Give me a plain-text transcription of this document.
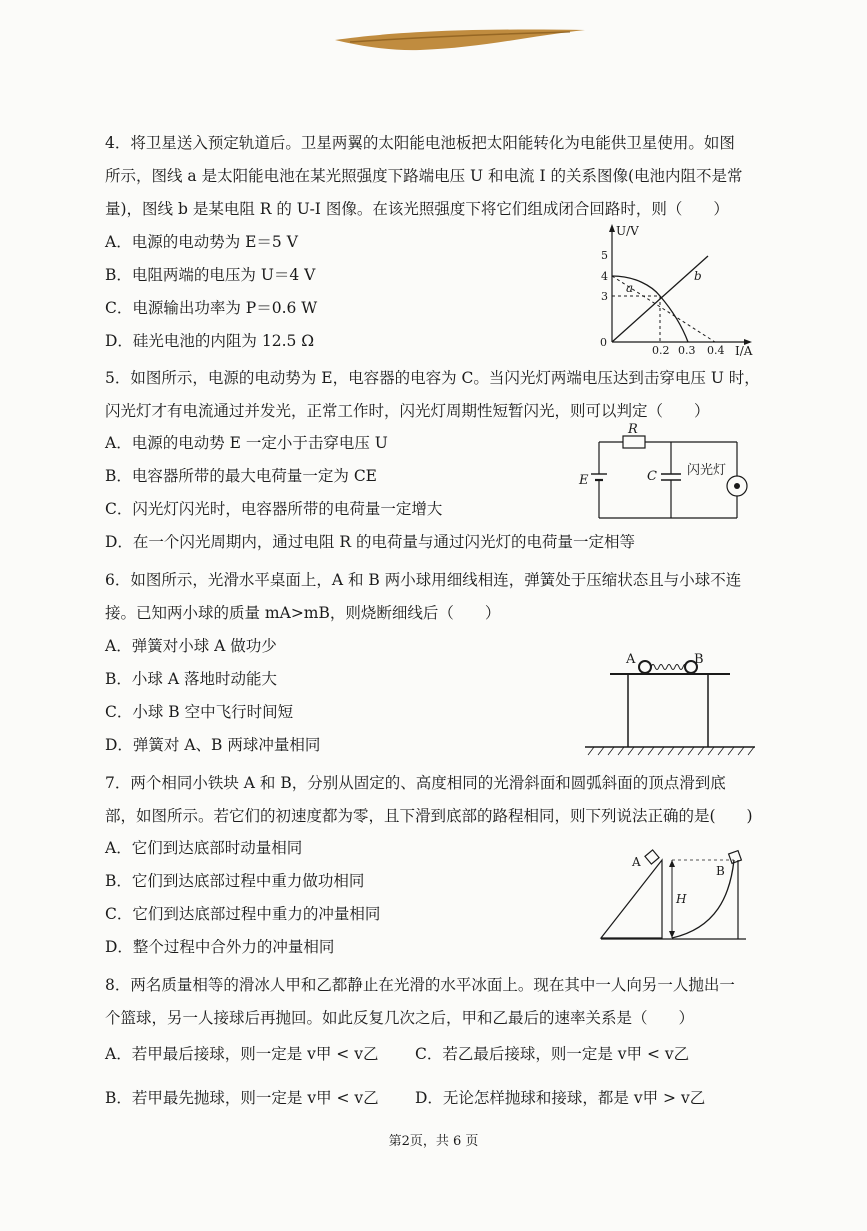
4．将卫星送入预定轨道后。卫星两翼的太阳能电池板把太阳能转化为电能供卫星使用。如图
所示，图线 a 是太阳能电池在某光照强度下路端电压 U 和电流 I 的关系图像(电池内阻不是常
量)，图线 b 是某电阻 R 的 U-I 图像。在该光照强度下将它们组成闭合回路时，则（　　）
A．电源的电动势为 E＝5 V
B．电阻两端的电压为 U＝4 V
C．电源输出功率为 P＝0.6 W
D．硅光电池的内阻为 12.5 Ω
U/V
I/A
0
5
4
3
0.2 0.3 0.4
a
b
5．如图所示，电源的电动势为 E，电容器的电容为 C。当闪光灯两端电压达到击穿电压 U 时，
闪光灯才有电流通过并发光，正常工作时，闪光灯周期性短暂闪光，则可以判定（　　）
A．电源的电动势 E 一定小于击穿电压 U
B．电容器所带的最大电荷量一定为 CE
C．闪光灯闪光时，电容器所带的电荷量一定增大
D．在一个闪光周期内，通过电阻 R 的电荷量与通过闪光灯的电荷量一定相等
R
E	C 闪光灯
6．如图所示，光滑水平桌面上，A 和 B 两小球用细线相连，弹簧处于压缩状态且与小球不连
接。已知两小球的质量 mA>mB，则烧断细线后（　　）
A．弹簧对小球 A 做功少
B．小球 A 落地时动能大
C．小球 B 空中飞行时间短
D．弹簧对 A、B 两球冲量相同
A	B
7．两个相同小铁块 A 和 B，分别从固定的、高度相同的光滑斜面和圆弧斜面的顶点滑到底
部，如图所示。若它们的初速度都为零，且下滑到底部的路程相同，则下列说法正确的是(　　)
A．它们到达底部时动量相同
B．它们到达底部过程中重力做功相同
C．它们到达底部过程中重力的冲量相同
D．整个过程中合外力的冲量相同
A
H
B
8．两名质量相等的滑冰人甲和乙都静止在光滑的水平冰面上。现在其中一人向另一人抛出一
个篮球，另一人接球后再抛回。如此反复几次之后，甲和乙最后的速率关系是（　　）
A．若甲最后接球，则一定是 v甲 < v乙 C．若乙最后接球，则一定是 v甲 < v乙
B．若甲最先抛球，则一定是 v甲 < v乙 D．无论怎样抛球和接球，都是 v甲 > v乙
第2页，共 6 页
